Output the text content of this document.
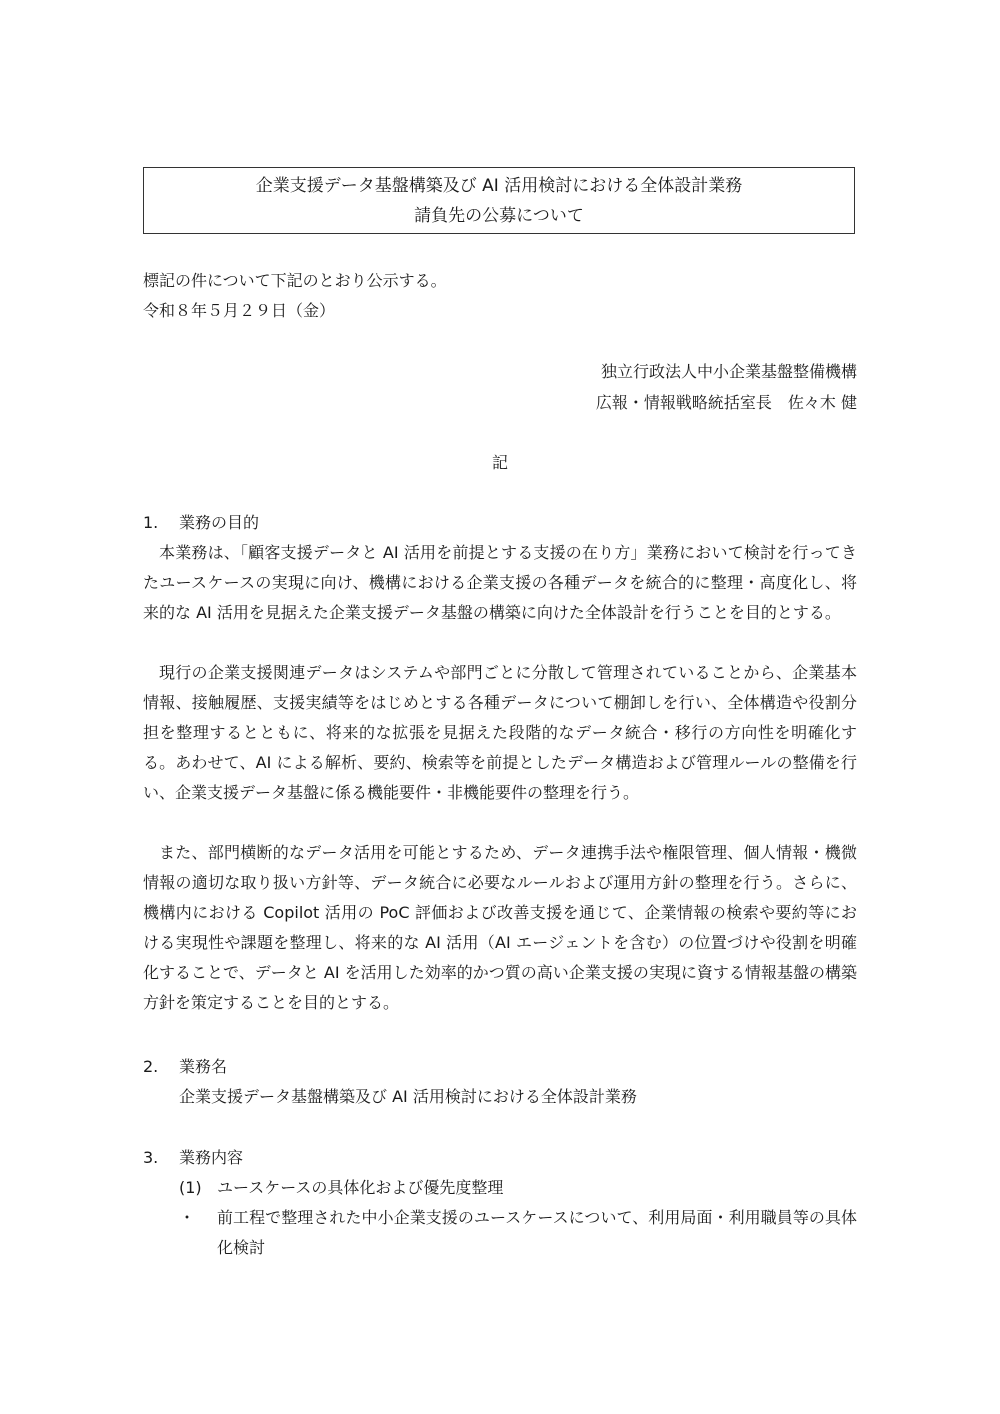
企業支援データ基盤構築及び AI 活用検討における全体設計業務
請負先の公募について
標記の件について下記のとおり公示する。
令和８年５月２９日（金）
独立行政法人中小企業基盤整備機構
広報・情報戦略統括室長　佐々木 健
記
1. 業務の目的
本業務は、「顧客支援データと AI 活用を前提とする支援の在り方」業務において検討を行ってきたユースケースの実現に向け、機構における企業支援の各種データを統合的に整理・高度化し、将来的な AI 活用を見据えた企業支援データ基盤の構築に向けた全体設計を行うことを目的とする。
現行の企業支援関連データはシステムや部門ごとに分散して管理されていることから、企業基本情報、接触履歴、支援実績等をはじめとする各種データについて棚卸しを行い、全体構造や役割分担を整理するとともに、将来的な拡張を見据えた段階的なデータ統合・移行の方向性を明確化する。あわせて、AI による解析、要約、検索等を前提としたデータ構造および管理ルールの整備を行い、企業支援データ基盤に係る機能要件・非機能要件の整理を行う。
また、部門横断的なデータ活用を可能とするため、データ連携手法や権限管理、個人情報・機微情報の適切な取り扱い方針等、データ統合に必要なルールおよび運用方針の整理を行う。さらに、機構内における Copilot 活用の PoC 評価および改善支援を通じて、企業情報の検索や要約等における実現性や課題を整理し、将来的な AI 活用（AI エージェントを含む）の位置づけや役割を明確化することで、データと AI を活用した効率的かつ質の高い企業支援の実現に資する情報基盤の構築方針を策定することを目的とする。
2. 業務名
企業支援データ基盤構築及び AI 活用検討における全体設計業務
3. 業務内容
(1) ユースケースの具体化および優先度整理
・ 前工程で整理された中小企業支援のユースケースについて、利用局面・利用職員等の具体化検討
